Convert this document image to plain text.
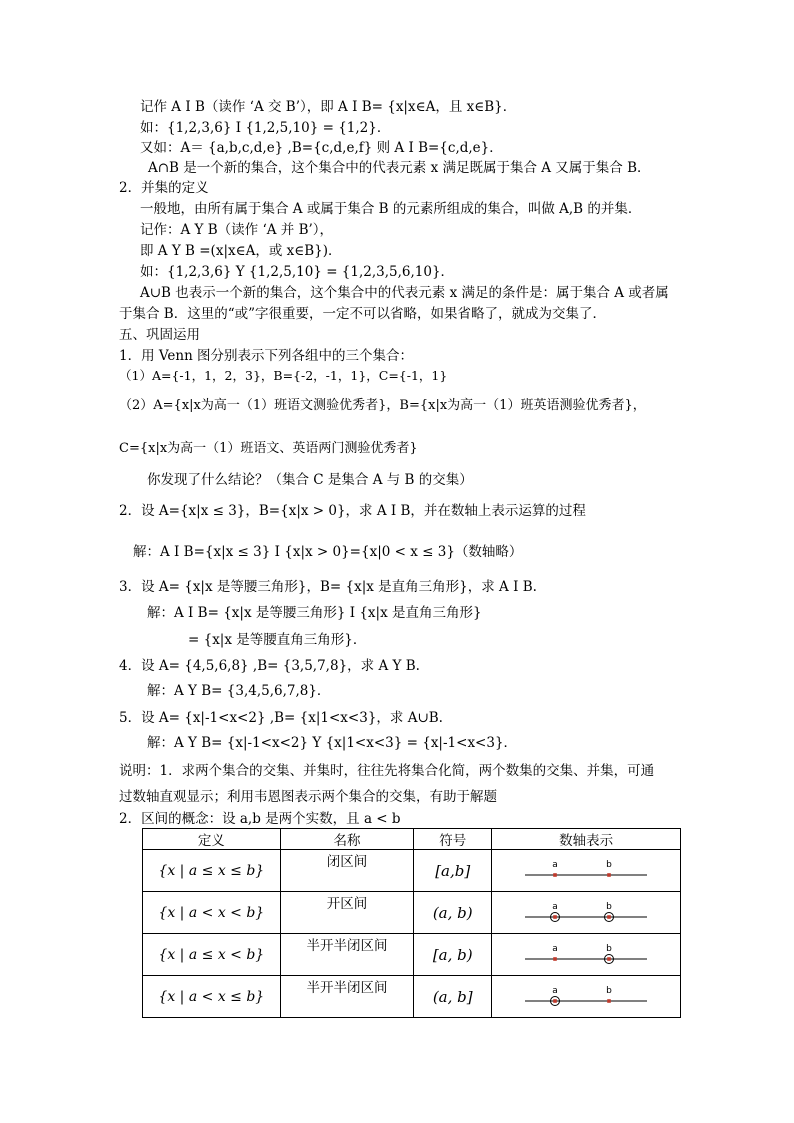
记作 A I B（读作 ‘A 交 B’），即 A I B= {x|x∈A，且 x∈B}．
如：{1,2,3,6} I {1,2,5,10} = {1,2}．
又如：A＝ {a,b,c,d,e} ,B={c,d,e,f} 则 A I B={c,d,e}．
A∩B 是一个新的集合，这个集合中的代表元素 x 满足既属于集合 A 又属于集合 B．
2．并集的定义
一般地，由所有属于集合 A 或属于集合 B 的元素所组成的集合，叫做 A,B 的并集．
记作：A Y B（读作 ‘A 并 B’），
即 A Y B =(x|x∈A，或 x∈B})．
如：{1,2,3,6} Y {1,2,5,10} = {1,2,3,5,6,10}．
A∪B 也表示一个新的集合，这个集合中的代表元素 x 满足的条件是：属于集合 A 或者属
于集合 B．这里的“或”字很重要，一定不可以省略，如果省略了，就成为交集了．
五、巩固运用
1．用 Venn 图分别表示下列各组中的三个集合：
（1）A={-1，1，2，3}，B={-2，-1，1}，C={-1，1}
（2）A={x|x为高一（1）班语文测验优秀者}，B={x|x为高一（1）班英语测验优秀者}，
C={x|x为高一（1）班语文、英语两门测验优秀者}
你发现了什么结论？（集合 C 是集合 A 与 B 的交集）
2．设 A={x|x ≤ 3}，B={x|x > 0}，求 A I B，并在数轴上表示运算的过程
解：A I B={x|x ≤ 3} I {x|x > 0}={x|0 < x ≤ 3}（数轴略）
3．设 A= {x|x 是等腰三角形}，B= {x|x 是直角三角形}，求 A I B.
解：A I B= {x|x 是等腰三角形} I {x|x 是直角三角形}
= {x|x 是等腰直角三角形}．
4．设 A= {4,5,6,8} ,B= {3,5,7,8}，求 A Y B.
解：A Y B= {3,4,5,6,7,8}．
5．设 A= {x|-1<x<2} ,B= {x|1<x<3}，求 A∪B.
解：A Y B= {x|-1<x<2} Y {x|1<x<3} = {x|-1<x<3}．
说明：1．求两个集合的交集、并集时，往往先将集合化简，两个数集的交集、并集，可通
过数轴直观显示；利用韦恩图表示两个集合的交集，有助于解题
2．区间的概念：设 a,b 是两个实数，且 a < b
定义	名称	符号	数轴表示
{x | a ≤ x ≤ b}	闭区间	[a,b]	a b

{x | a < x < b}	开区间	(a, b)	a b

{x | a ≤ x < b}	半开半闭区间	[a, b)	a b

{x | a < x ≤ b}	半开半闭区间	(a, b]	a b
